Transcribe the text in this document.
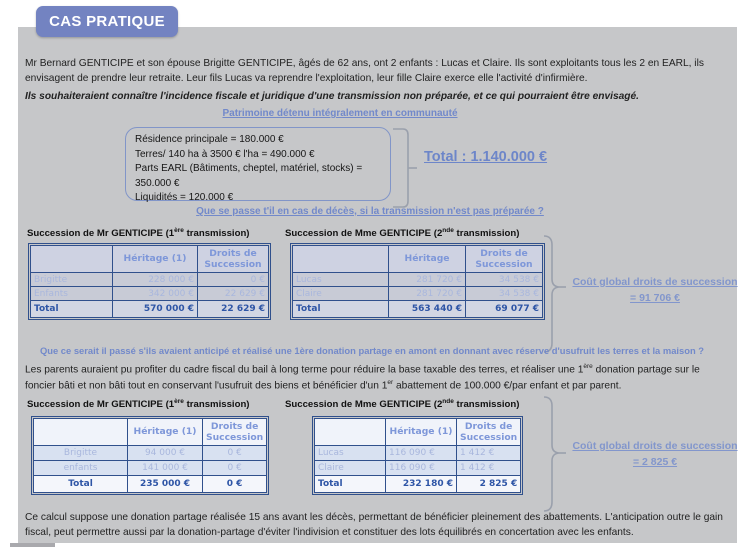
CAS PRATIQUE
Mr Bernard GENTICIPE et son épouse Brigitte GENTICIPE, âgés de 62 ans, ont 2 enfants : Lucas et Claire. Ils sont exploitants tous les 2 en EARL, ils envisagent de prendre leur retraite. Leur fils Lucas va reprendre l'exploitation, leur fille Claire exerce elle l'activité d'infirmière.
Ils souhaiteraient connaître l'incidence fiscale et juridique d'une transmission non préparée, et ce qui pourraient être envisagé.
Patrimoine détenu intégralement en communauté
Résidence principale = 180.000 €
Terres/ 140 ha à 3500 € l'ha = 490.000 €
Parts EARL (Bâtiments, cheptel, matériel, stocks) = 350.000 €
Liquidités = 120.000 €
Total : 1.140.000 €
Que se passe t'il en cas de décès, si la transmission n'est pas préparée ?
Succession de Mr GENTICIPE (1ère transmission)	Succession de Mme GENTICIPE (2nde transmission)
	Héritage (1)	Droits de Succession
Brigitte	228 000 €	0 €
Enfants	342 000 €	22 629 €
Total	570 000 €	22 629 €
	Héritage	Droits de Succession
Lucas	281 720 €	34 538 €
Claire	281 720 €	34 538 €
Total	563 440 €	69 077 €
Coût global droits de succession
= 91 706 €
Que ce serait il passé s'ils avaient anticipé et réalisé une 1ère donation partage en amont en donnant avec réserve d'usufruit les terres et la maison ?
Les parents auraient pu profiter du cadre fiscal du bail à long terme pour réduire la base taxable des terres, et réaliser une 1ère donation partage sur le foncier bâti et non bâti tout en conservant l'usufruit des biens et bénéficier d'un 1er abattement de 100.000 €/par enfant et par parent.
Succession de Mr GENTICIPE (1ère transmission)	Succession de Mme GENTICIPE (2nde transmission)
	Héritage (1)	Droits de Succession
Brigitte	94 000 €	0 €
enfants	141 000 €	0 €
Total	235 000 €	0 €
	Héritage (1)	Droits de Succession
Lucas	116 090 €	1 412 €
Claire	116 090 €	1 412 €
Total	232 180 €	2 825 €
Coût global droits de succession
= 2 825 €
Ce calcul suppose une donation partage réalisée 15 ans avant les décès, permettant de bénéficier pleinement des abattements. L'anticipation outre le gain fiscal, peut permettre aussi par la donation-partage d'éviter l'indivision et constituer des lots équilibrés en concertation avec les enfants.
